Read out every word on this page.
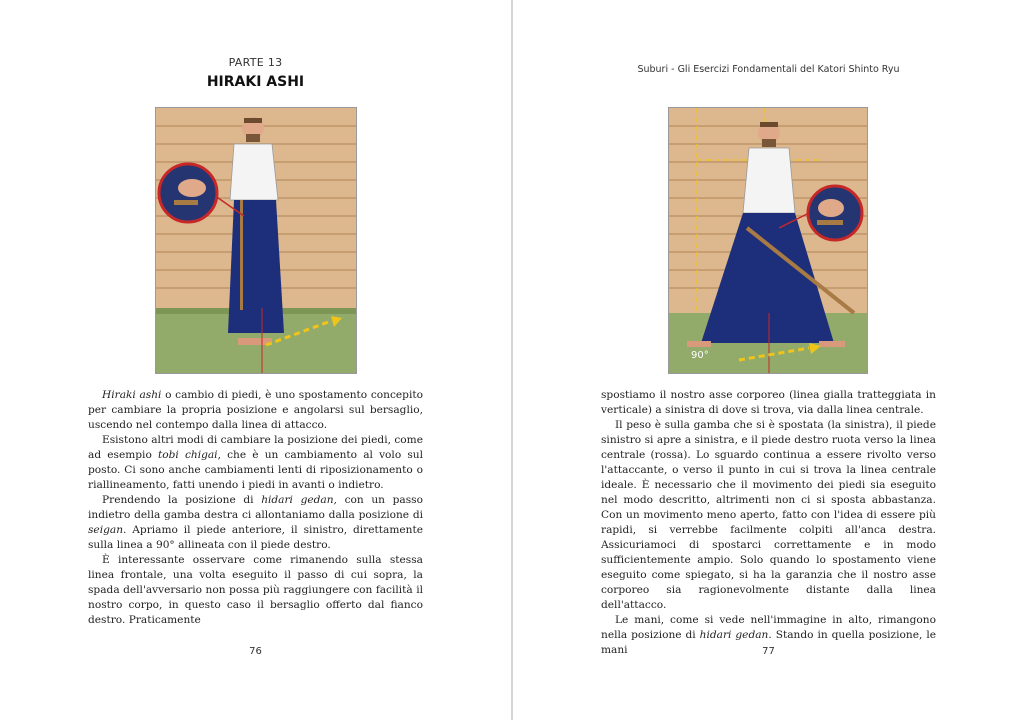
PARTE 13
HIRAKI ASHI

Hiraki ashi o cambio di piedi, è uno spostamento concepito per cambiare la propria posizione e angolarsi sul bersaglio, uscendo nel contempo dalla linea di attacco.

Esistono altri modi di cambiare la posizione dei piedi, come ad esempio tobi chigai, che è un cambiamento al volo sul posto. Ci sono anche cambiamenti lenti di riposizionamento o riallineamento, fatti unendo i piedi in avanti o indietro.

Prendendo la posizione di hidari gedan, con un passo indietro della gamba destra ci allontaniamo dalla posizione di seigan. Apriamo il piede anteriore, il sinistro, direttamente sulla linea a 90° allineata con il piede destro.

È interessante osservare come rimanendo sulla stessa linea frontale, una volta eseguito il passo di cui sopra, la spada dell'avversario non possa più raggiungere con facilità il nostro corpo, in questo caso il bersaglio offerto dal fianco destro. Praticamente

76
Suburi - Gli Esercizi Fondamentali del Katori Shinto Ryu
90°

spostiamo il nostro asse corporeo (linea gialla tratteggiata in verticale) a sinistra di dove si trova, via dalla linea centrale.

Il peso è sulla gamba che si è spostata (la sinistra), il piede sinistro si apre a sinistra, e il piede destro ruota verso la linea centrale (rossa). Lo sguardo continua a essere rivolto verso l'attaccante, o verso il punto in cui si trova la linea centrale ideale. È necessario che il movimento dei piedi sia eseguito nel modo descritto, altrimenti non ci si sposta abbastanza. Con un movimento meno aperto, fatto con l'idea di essere più rapidi, si verrebbe facilmente colpiti all'anca destra. Assicuriamoci di spostarci correttamente e in modo sufficientemente ampio. Solo quando lo spostamento viene eseguito come spiegato, si ha la garanzia che il nostro asse corporeo sia ragionevolmente distante dalla linea dell'attacco.

Le mani, come si vede nell'immagine in alto, rimangono nella posizione di hidari gedan. Stando in quella posizione, le mani	77
